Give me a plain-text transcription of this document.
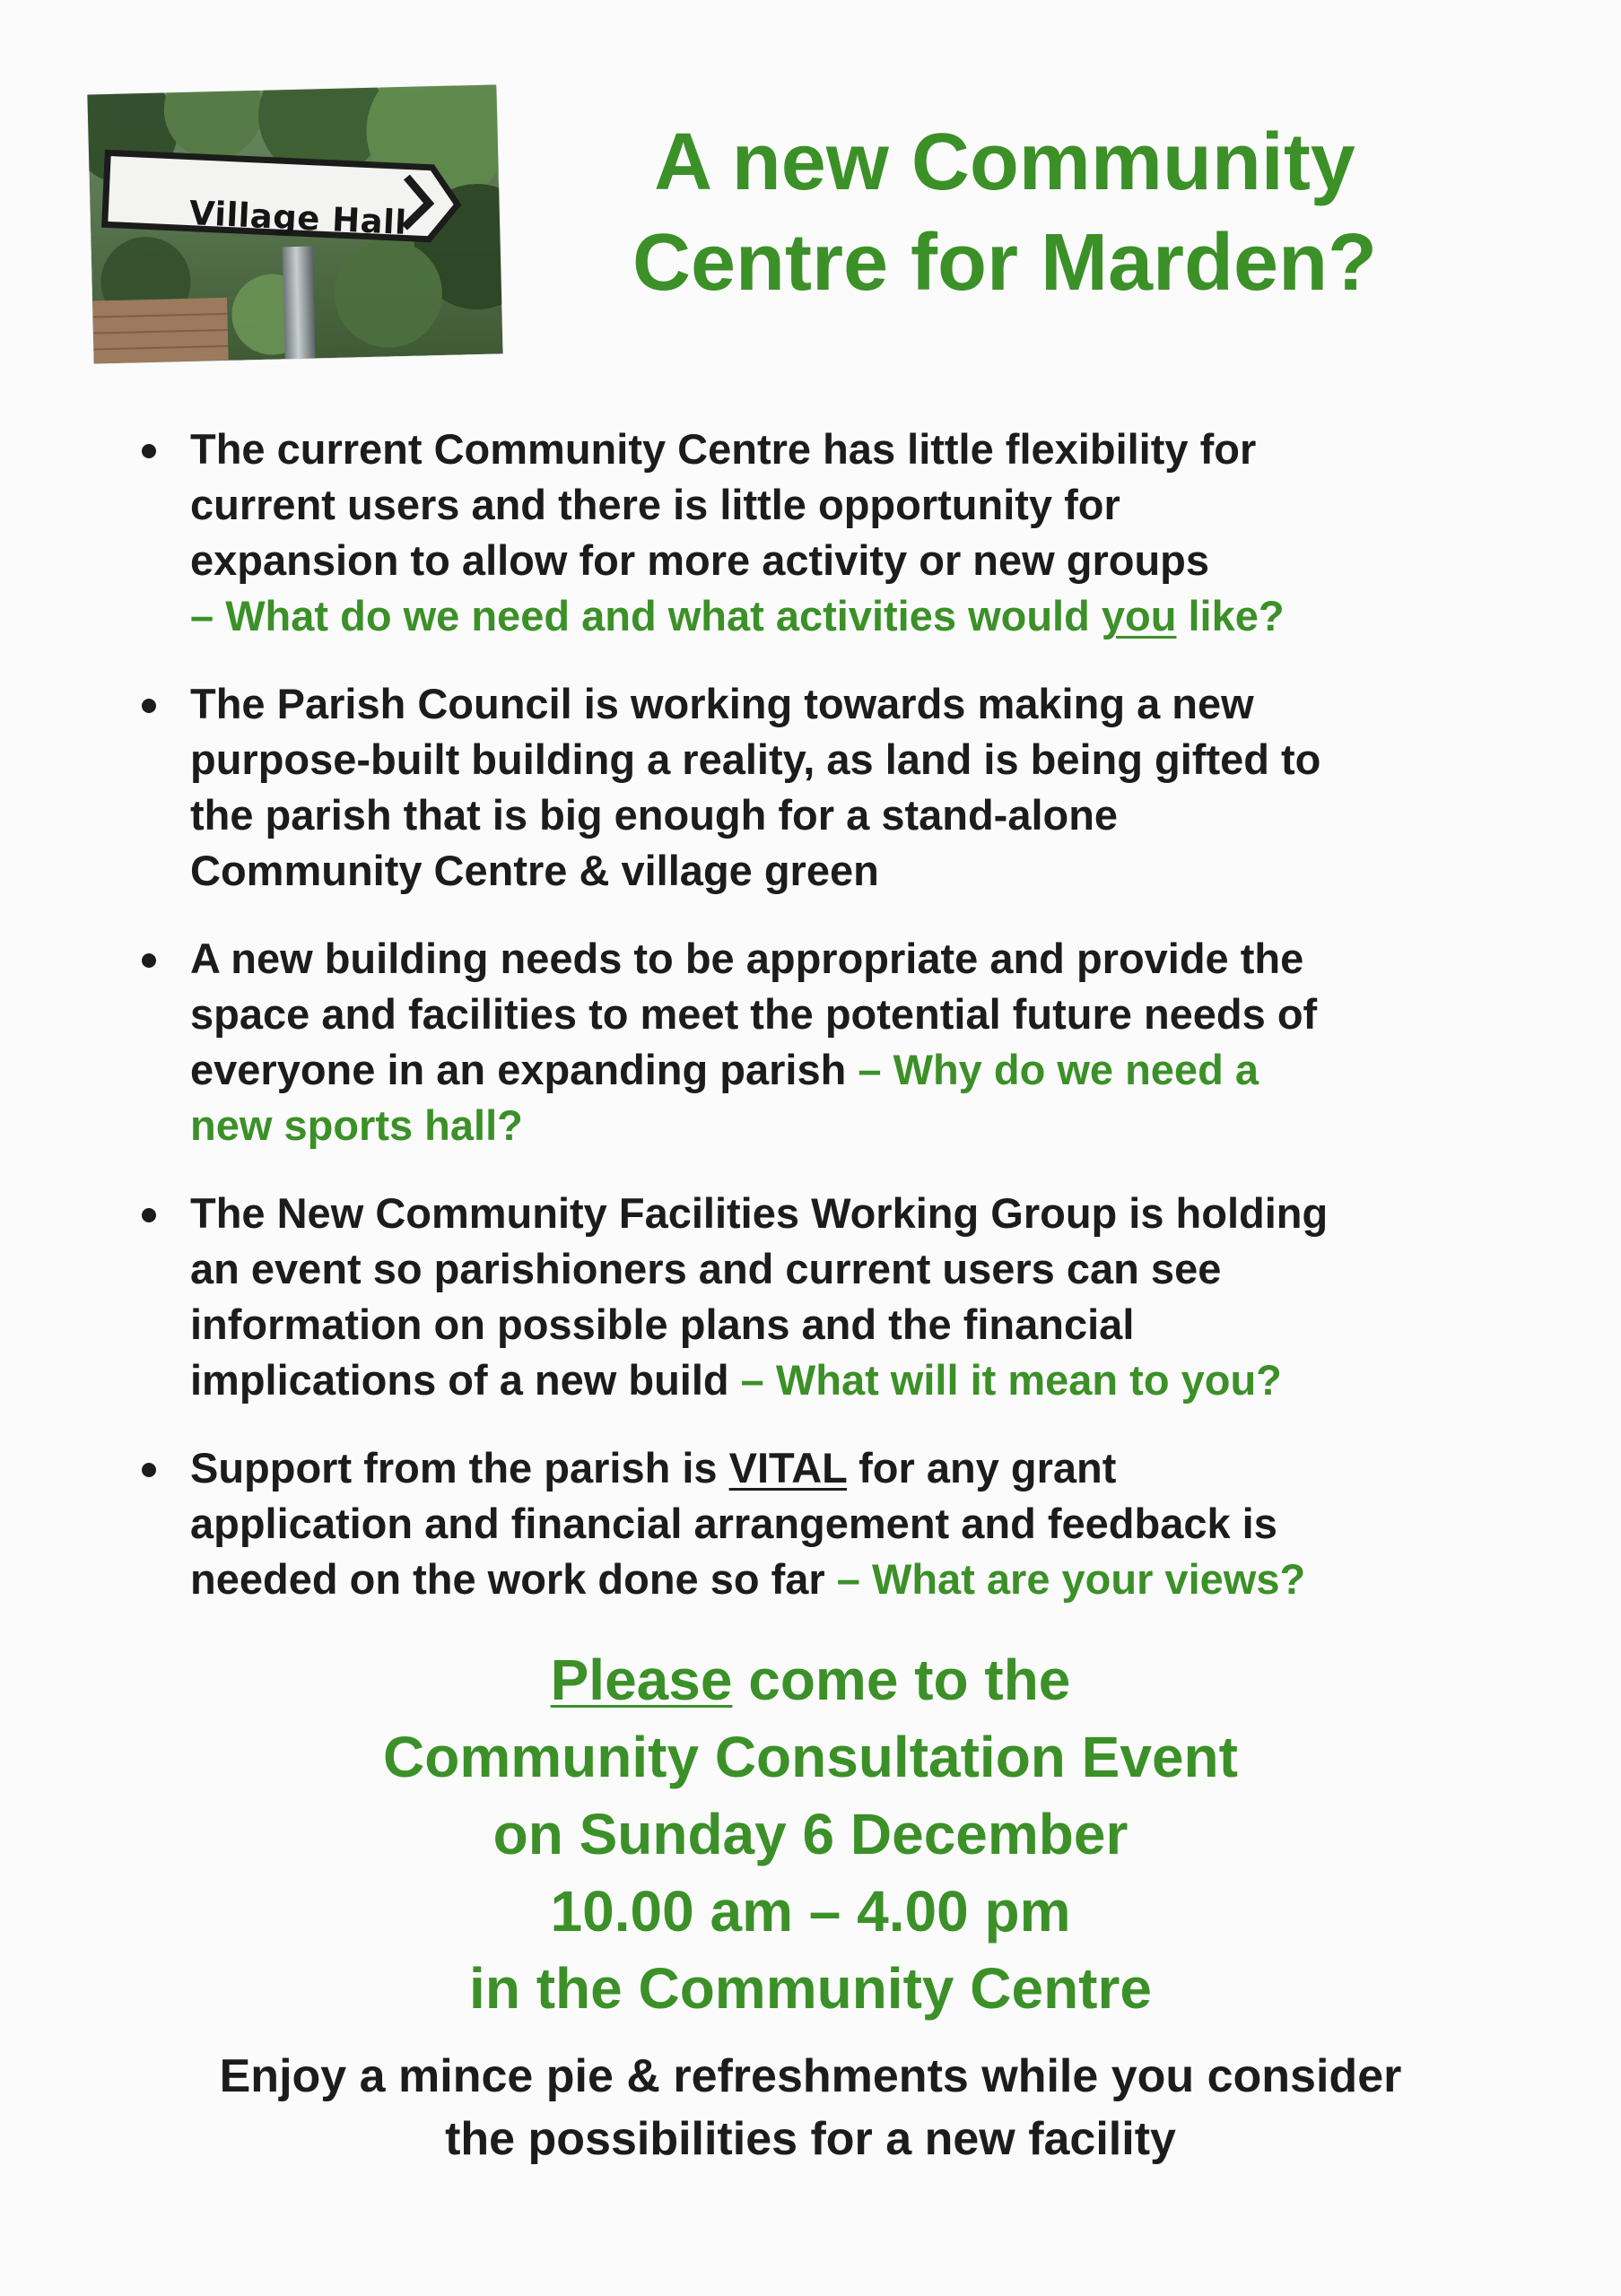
Village Hall
A new Community
Centre for Marden?
The current Community Centre has little flexibility for
current users and there is little opportunity for
expansion to allow for more activity or new groups
– What do we need and what activities would you like?
The Parish Council is working towards making a new
purpose-built building a reality, as land is being gifted to
the parish that is big enough for a stand-alone
Community Centre & village green
A new building needs to be appropriate and provide the
space and facilities to meet the potential future needs of
everyone in an expanding parish – Why do we need a
new sports hall?
The New Community Facilities Working Group is holding
an event so parishioners and current users can see
information on possible plans and the financial
implications of a new build – What will it mean to you?
Support from the parish is VITAL for any grant
application and financial arrangement and feedback is
needed on the work done so far – What are your views?
Please come to the
Community Consultation Event
on Sunday 6 December
10.00 am – 4.00 pm
in the Community Centre
Enjoy a mince pie & refreshments while you consider
the possibilities for a new facility
